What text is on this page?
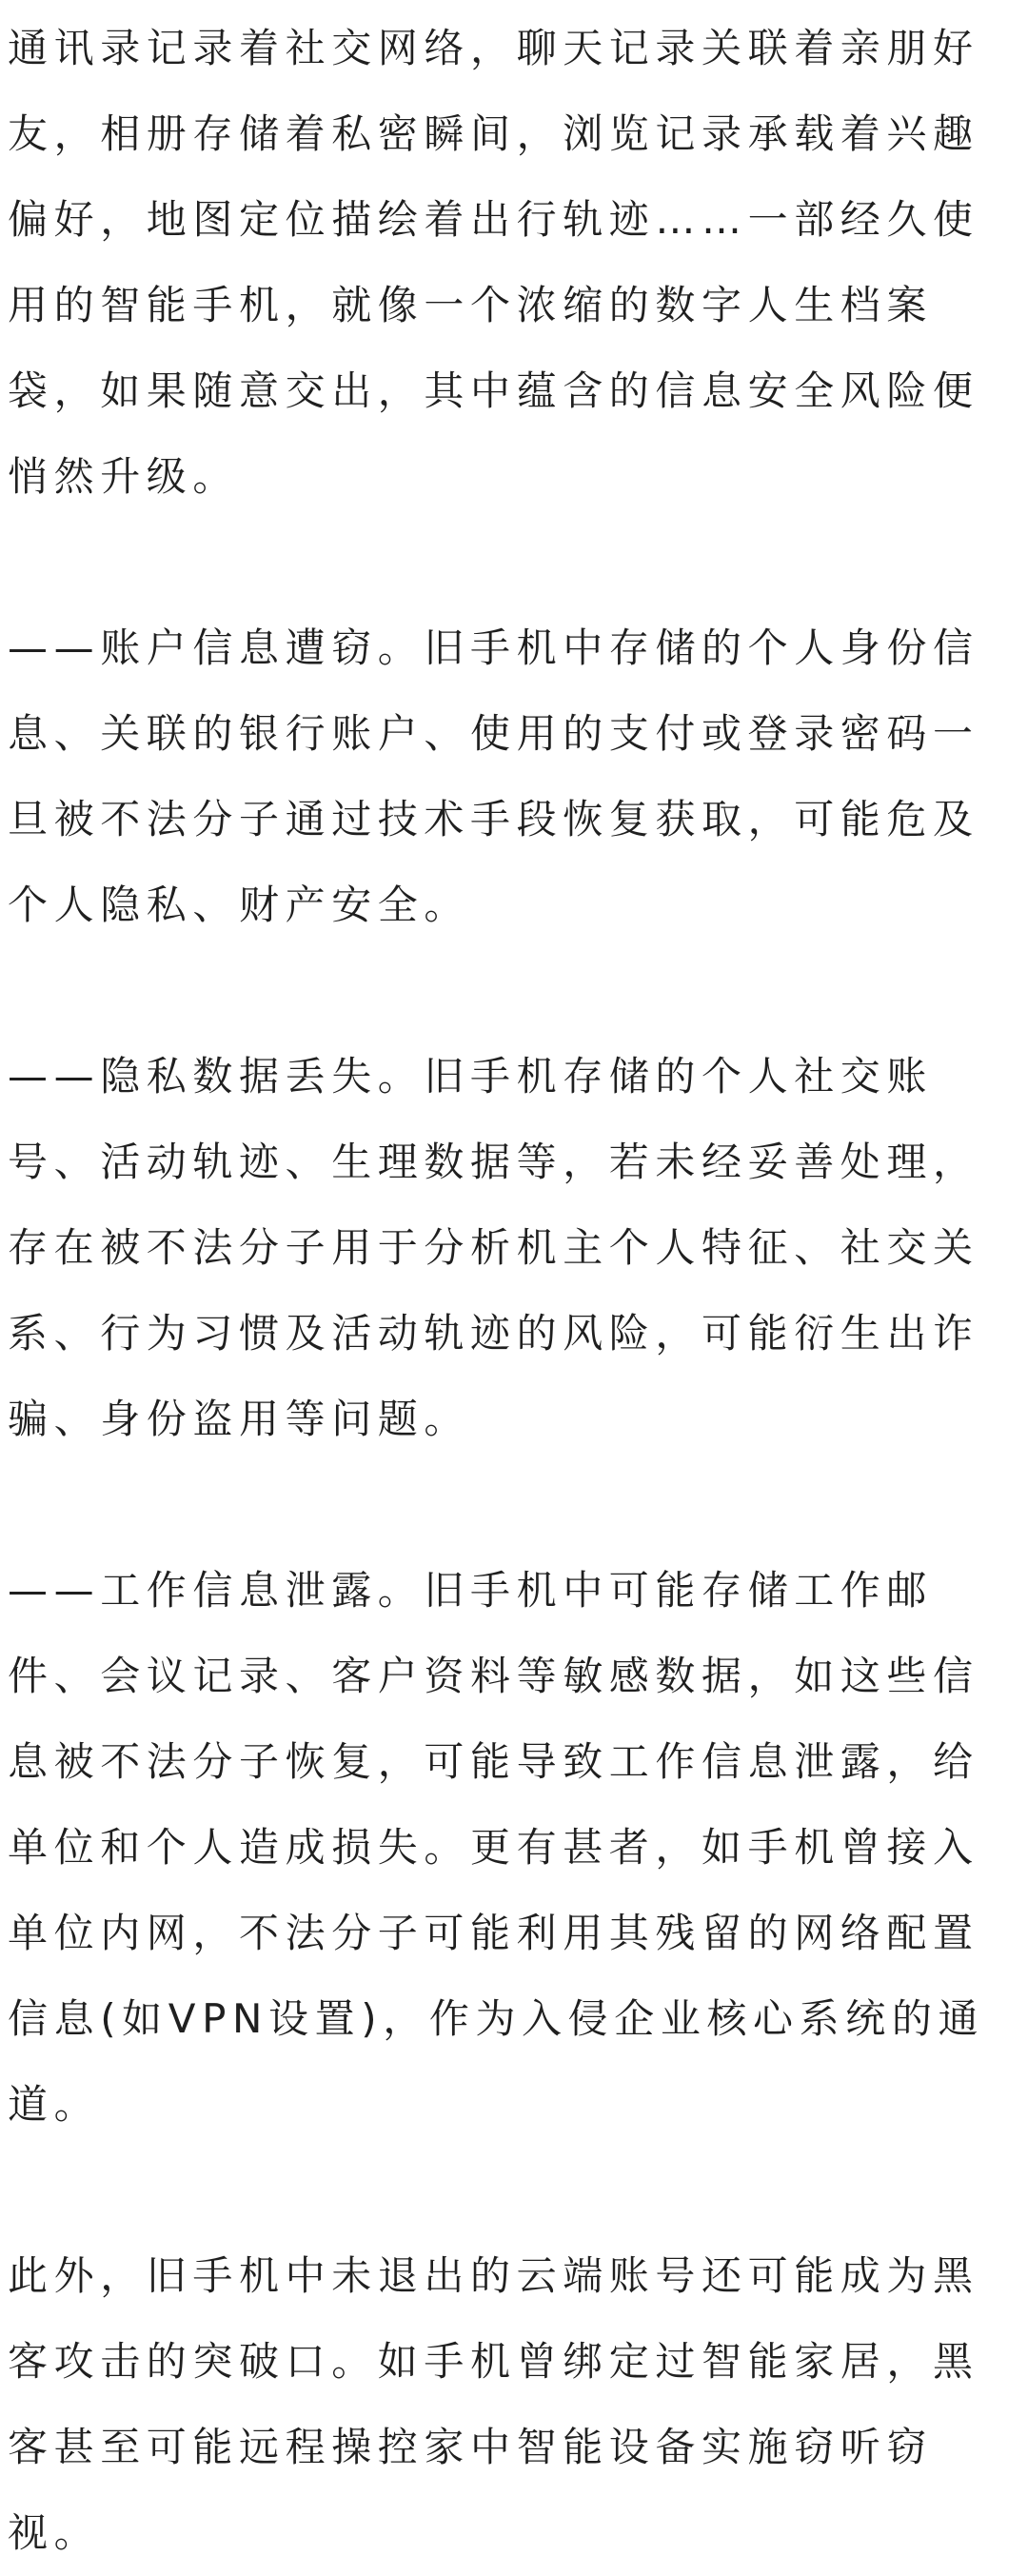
通讯录记录着社交网络，聊天记录关联着亲朋好
友，相册存储着私密瞬间，浏览记录承载着兴趣
偏好，地图定位描绘着出行轨迹……一部经久使
用的智能手机，就像一个浓缩的数字人生档案
袋，如果随意交出，其中蕴含的信息安全风险便
悄然升级。

——账户信息遭窃。旧手机中存储的个人身份信
息、关联的银行账户、使用的支付或登录密码一
旦被不法分子通过技术手段恢复获取，可能危及
个人隐私、财产安全。

——隐私数据丢失。旧手机存储的个人社交账
号、活动轨迹、生理数据等，若未经妥善处理，
存在被不法分子用于分析机主个人特征、社交关
系、行为习惯及活动轨迹的风险，可能衍生出诈
骗、身份盗用等问题。

——工作信息泄露。旧手机中可能存储工作邮
件、会议记录、客户资料等敏感数据，如这些信
息被不法分子恢复，可能导致工作信息泄露，给
单位和个人造成损失。更有甚者，如手机曾接入
单位内网，不法分子可能利用其残留的网络配置
信息(如VPN设置)，作为入侵企业核心系统的通
道。

此外，旧手机中未退出的云端账号还可能成为黑
客攻击的突破口。如手机曾绑定过智能家居，黑
客甚至可能远程操控家中智能设备实施窃听窃
视。
